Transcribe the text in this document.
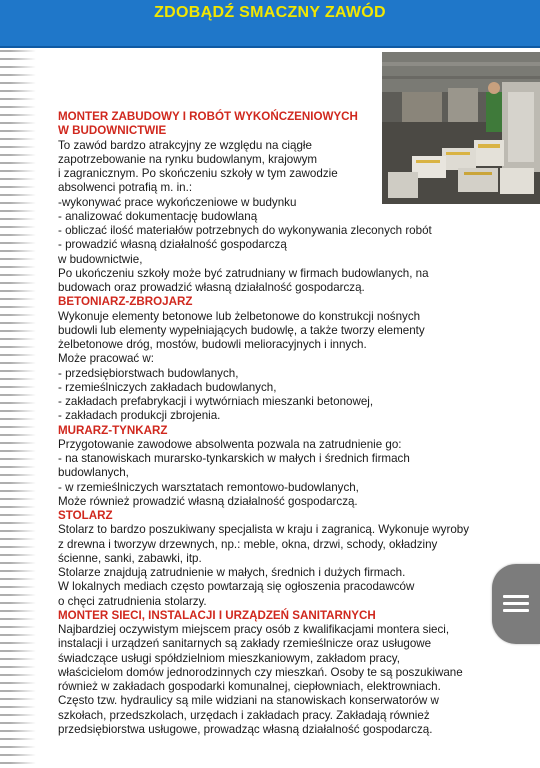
ZDOBĄDŹ SMACZNY ZAWÓD
MONTER ZABUDOWY I ROBÓT WYKOŃCZENIOWYCH
W BUDOWNICTWIE
To zawód bardzo atrakcyjny ze względu na ciągłe
zapotrzebowanie na rynku budowlanym, krajowym
i zagranicznym. Po skończeniu szkoły w tym zawodzie
absolwenci potrafią m. in.:
-wykonywać prace wykończeniowe w budynku
- analizować dokumentację budowlaną
- obliczać ilość materiałów potrzebnych do wykonywania zleconych robót
- prowadzić własną działalność gospodarczą
w budownictwie,
Po ukończeniu szkoły może być zatrudniany w firmach budowlanych, na
budowach oraz prowadzić własną działalność gospodarczą.
BETONIARZ-ZBROJARZ
Wykonuje elementy betonowe lub żelbetonowe do konstrukcji nośnych
budowli lub elementy wypełniających budowlę, a także tworzy elementy
żelbetonowe dróg, mostów, budowli melioracyjnych i innych.
Może pracować w:
- przedsiębiorstwach budowlanych,
- rzemieślniczych zakładach budowlanych,
- zakładach prefabrykacji i wytwórniach mieszanki betonowej,
- zakładach produkcji zbrojenia.
MURARZ-TYNKARZ
Przygotowanie zawodowe absolwenta pozwala na zatrudnienie go:
- na stanowiskach murarsko-tynkarskich w małych i średnich firmach
budowlanych,
- w rzemieślniczych warsztatach remontowo-budowlanych,
Może również prowadzić własną działalność gospodarczą.
STOLARZ
Stolarz to bardzo poszukiwany specjalista w kraju i zagranicą. Wykonuje wyroby
z drewna i tworzyw drzewnych, np.: meble, okna, drzwi, schody, okładziny
ścienne, sanki, zabawki, itp.
Stolarze znajdują zatrudnienie w małych, średnich i dużych firmach.
W lokalnych mediach często powtarzają się ogłoszenia pracodawców
o chęci zatrudnienia stolarzy.
MONTER SIECI, INSTALACJI I URZĄDZEŃ SANITARNYCH
Najbardziej oczywistym miejscem pracy osób z kwalifikacjami montera sieci,
instalacji i urządzeń sanitarnych są zakłady rzemieślnicze oraz usługowe
świadczące usługi spółdzielniom mieszkaniowym, zakładom pracy,
właścicielom domów jednorodzinnych czy mieszkań. Osoby te są poszukiwane
również w zakładach gospodarki komunalnej, ciepłowniach, elektrowniach.
Często tzw. hydraulicy są mile widziani na stanowiskach konserwatorów w
szkołach, przedszkolach, urzędach i zakładach pracy. Zakładają również
przedsiębiorstwa usługowe, prowadząc własną działalność gospodarczą.
